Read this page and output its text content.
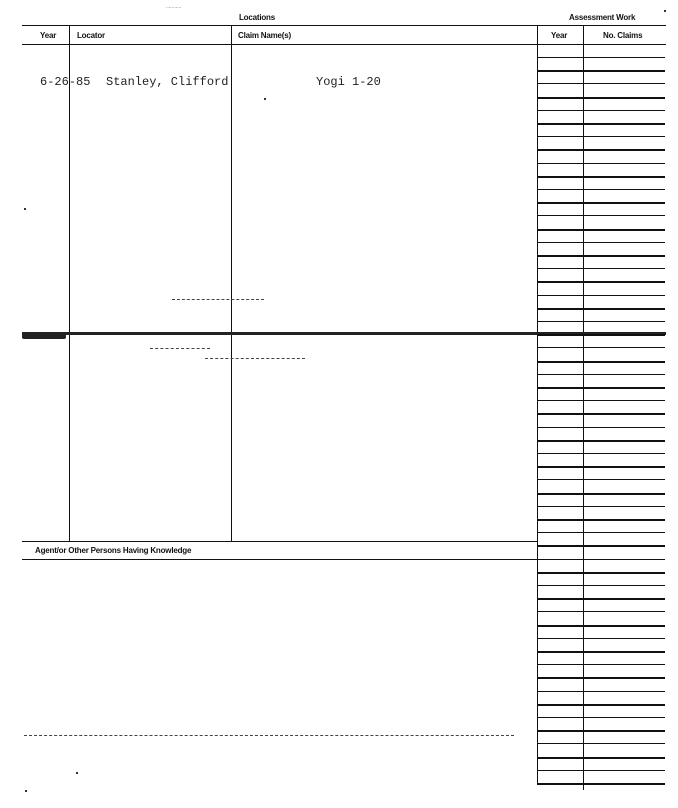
...........
Locations	Assessment Work
Year	Locator	Claim Name(s)	Year	No. Claims
6-26-85 Stanley, Clifford	Yogi 1-20
Agent/or Other Persons Having Knowledge
